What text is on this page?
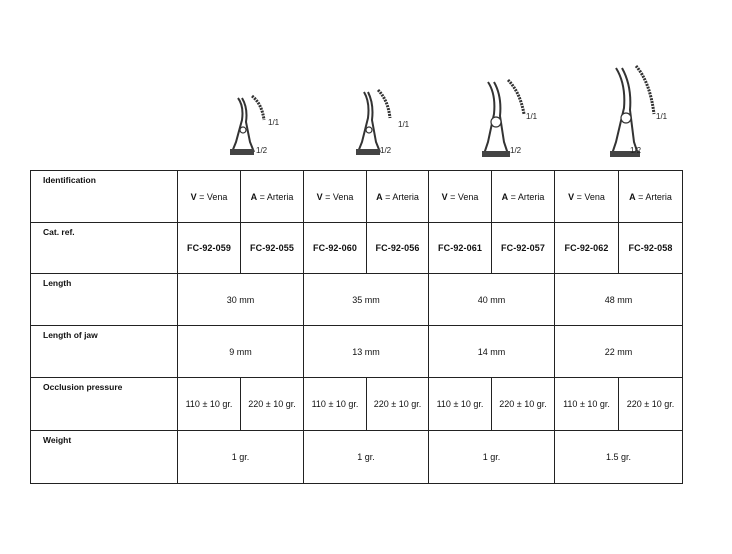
1/1
1/2
1/1
1/2
1/1
1/2
1/1
1/2
Identification	V = Vena	A = Arteria	V = Vena	A = Arteria	V = Vena	A = Arteria	V = Vena	A = Arteria
Cat. ref.	FC-92-059	FC-92-055	FC-92-060	FC-92-056	FC-92-061	FC-92-057	FC-92-062	FC-92-058
Length	30 mm		35 mm		40 mm		48 mm	
Length of jaw	9 mm		13 mm		14 mm		22 mm	
Occlusion pressure	110 ± 10 gr.	220 ± 10 gr.	110 ± 10 gr.	220 ± 10 gr.	110 ± 10 gr.	220 ± 10 gr.	110 ± 10 gr.	220 ± 10 gr.
Weight	1 gr.		1 gr.		1 gr.		1.5 gr.	
